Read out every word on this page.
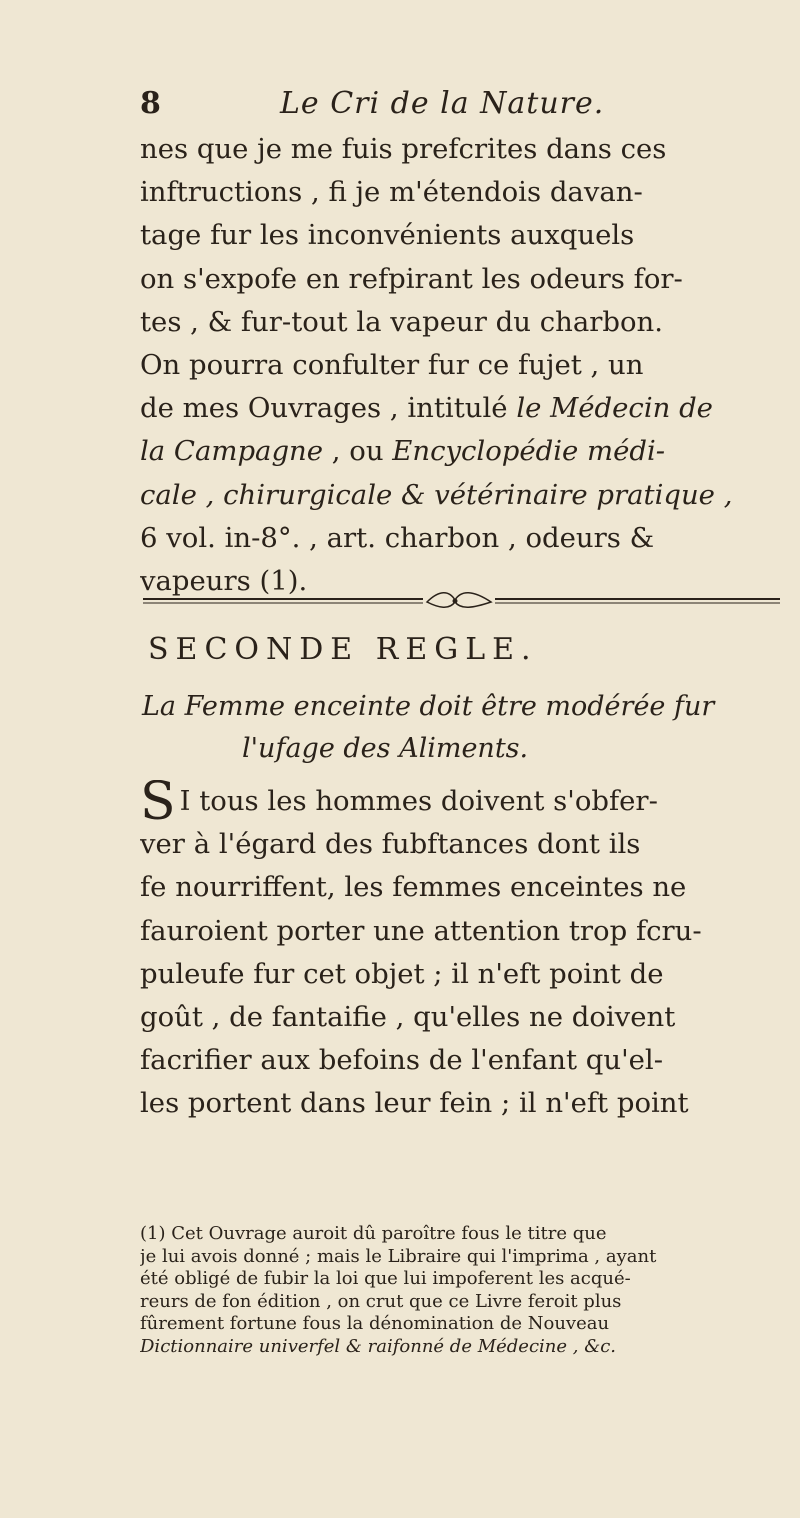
8	Le Cri de la Nature.
nes que je me fuis prefcrites dans ces
inftructions , fi je m'étendois davan-
tage fur les inconvénients auxquels
on s'expofe en refpirant les odeurs for-
tes , & fur-tout la vapeur du charbon.
On pourra confulter fur ce fujet , un
de mes Ouvrages , intitulé le Médecin de
la Campagne , ou Encyclopédie médi-
cale , chirurgicale & vétérinaire pratique ,
6 vol. in-8°. , art. charbon , odeurs &
vapeurs (1).
SECONDE REGLE.
La Femme enceinte doit être modérée fur
l'ufage des Aliments.
S I tous les hommes doivent s'obfer-
ver à l'égard des fubftances dont ils
fe nourriffent, les femmes enceintes ne
fauroient porter une attention trop fcru-
puleufe fur cet objet ; il n'eft point de
goût , de fantaifie , qu'elles ne doivent
facrifier aux befoins de l'enfant qu'el-
les portent dans leur fein ; il n'eft point
(1) Cet Ouvrage auroit dû paroître fous le titre que
je lui avois donné ; mais le Libraire qui l'imprima , ayant
été obligé de fubir la loi que lui impoferent les acqué-
reurs de fon édition , on crut que ce Livre feroit plus
fûrement fortune fous la dénomination de Nouveau
Dictionnaire univerfel & raifonné de Médecine , &c.
